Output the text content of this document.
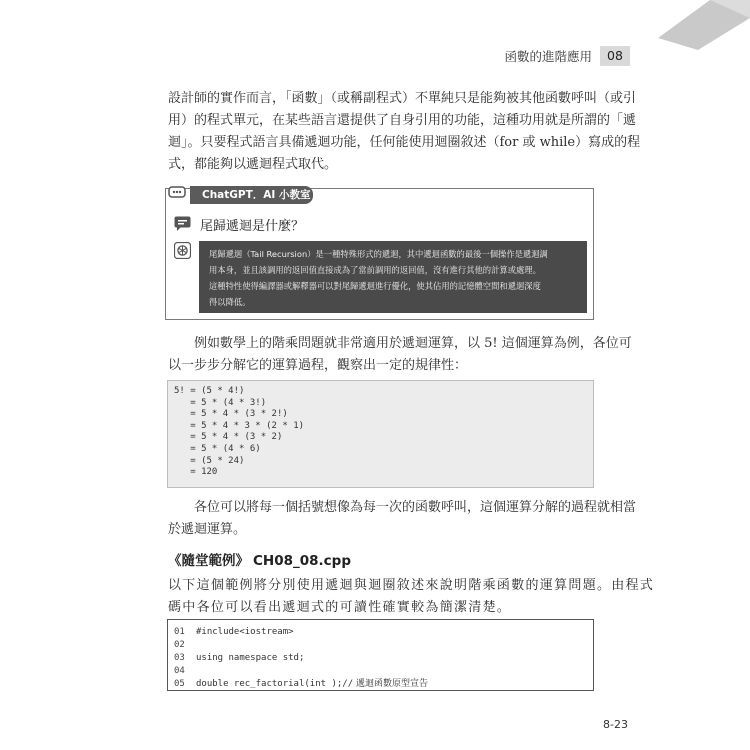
函數的進階應用	08
設計師的實作而言，「函數」（或稱副程式）不單純只是能夠被其他函數呼叫（或引
用）的程式單元，在某些語言還提供了自身引用的功能，這種功用就是所謂的「遞
迴」。只要程式語言具備遞迴功能，任何能使用迴圈敘述（for 或 while）寫成的程
式，都能夠以遞迴程式取代。
ChatGPT．AI 小教室
尾歸遞迴是什麼？
尾歸遞迴（Tail Recursion）是一種特殊形式的遞迴，其中遞迴函數的最後一個操作是遞迴調
用本身，並且該調用的返回值直接成為了當前調用的返回值，沒有進行其他的計算或處理。
這種特性使得編譯器或解釋器可以對尾歸遞迴進行優化，使其佔用的記憶體空間和遞迴深度
得以降低。
例如數學上的階乘問題就非常適用於遞迴運算，以 5! 這個運算為例，各位可
以一步步分解它的運算過程，觀察出一定的規律性：
5! = (5 * 4!)
= 5 * (4 * 3!)
= 5 * 4 * (3 * 2!)
= 5 * 4 * 3 * (2 * 1)
= 5 * 4 * (3 * 2)
= 5 * (4 * 6)
= (5 * 24)
= 120
各位可以將每一個括號想像為每一次的函數呼叫，這個運算分解的過程就相當
於遞迴運算。
《隨堂範例》 CH08_08.cpp
以下這個範例將分別使用遞迴與迴圈敘述來說明階乘函數的運算問題。由程式
碼中各位可以看出遞迴式的可讀性確實較為簡潔清楚。
01 #include<iostream>
02
03 using namespace std;
04
05 double rec_factorial(int );// 遞迴函數原型宣告
8-23
